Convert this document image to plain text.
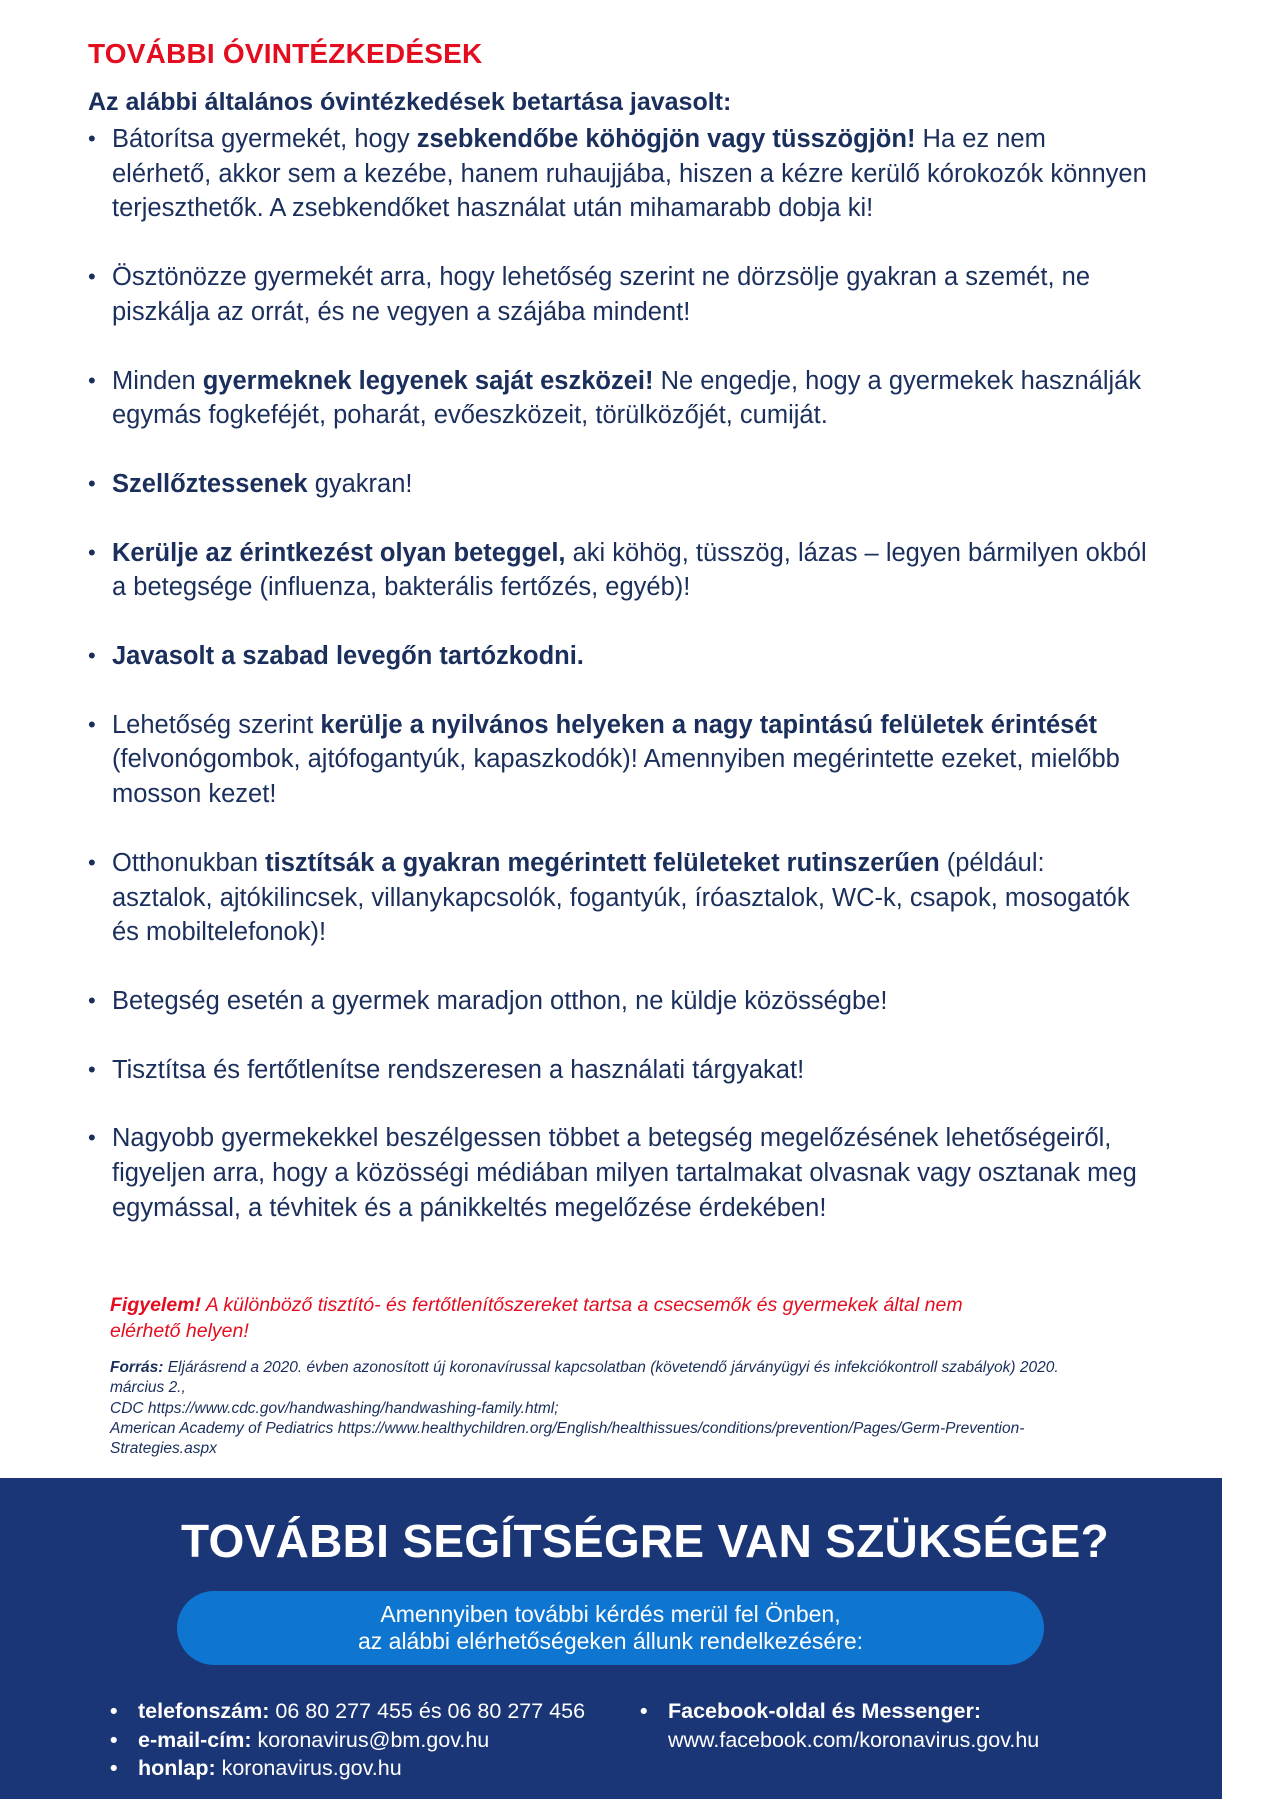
TOVÁBBI ÓVINTÉZKEDÉSEK

Az alábbi általános óvintézkedések betartása javasolt:

• Bátorítsa gyermekét, hogy zsebkendőbe köhögjön vagy tüsszögjön! Ha ez nem elérhető, akkor sem a kezébe, hanem ruhaujjába, hiszen a kézre kerülő kórokozók könnyen terjeszthetők. A zsebkendőket használat után mihamarabb dobja ki!
• Ösztönözze gyermekét arra, hogy lehetőség szerint ne dörzsölje gyakran a szemét, ne piszkálja az orrát, és ne vegyen a szájába mindent!
• Minden gyermeknek legyenek saját eszközei! Ne engedje, hogy a gyermekek használják egymás fogkeféjét, poharát, evőeszközeit, törülközőjét, cumiját.
• Szellőztessenek gyakran!
• Kerülje az érintkezést olyan beteggel, aki köhög, tüsszög, lázas – legyen bármilyen okból a betegsége (influenza, bakterális fertőzés, egyéb)!
• Javasolt a szabad levegőn tartózkodni.
• Lehetőség szerint kerülje a nyilvános helyeken a nagy tapintású felületek érintését (felvonógombok, ajtófogantyúk, kapaszkodók)! Amennyiben megérintette ezeket, mielőbb mosson kezet!
• Otthonukban tisztítsák a gyakran megérintett felületeket rutinszerűen (például: asztalok, ajtókilincsek, villanykapcsolók, fogantyúk, íróasztalok, WC-k, csapok, mosogatók és mobiltelefonok)!
• Betegség esetén a gyermek maradjon otthon, ne küldje közösségbe!
• Tisztítsa és fertőtlenítse rendszeresen a használati tárgyakat!
• Nagyobb gyermekekkel beszélgessen többet a betegség megelőzésének lehetőségeiről, figyeljen arra, hogy a közösségi médiában milyen tartalmakat olvasnak vagy osztanak meg egymással, a tévhitek és a pánikkeltés megelőzése érdekében!

Figyelem! A különböző tisztító- és fertőtlenítőszereket tartsa a csecsemők és gyermekek által nem elérhető helyen!

Forrás: Eljárásrend a 2020. évben azonosított új koronavírussal kapcsolatban (követendő járványügyi és infekciókontroll szabályok) 2020. március 2.,
CDC https://www.cdc.gov/handwashing/handwashing-family.html;
American Academy of Pediatrics https://www.healthychildren.org/English/healthissues/conditions/prevention/Pages/Germ-Prevention-Strategies.aspx

TOVÁBBI SEGÍTSÉGRE VAN SZÜKSÉGE?
Amennyiben további kérdés merül fel Önben,
az alábbi elérhetőségeken állunk rendelkezésére:
• telefonszám: 06 80 277 455 és 06 80 277 456
• e-mail-cím: koronavirus@bm.gov.hu
• honlap: koronavirus.gov.hu
• Facebook-oldal és Messenger:
www.facebook.com/koronavirus.gov.hu
